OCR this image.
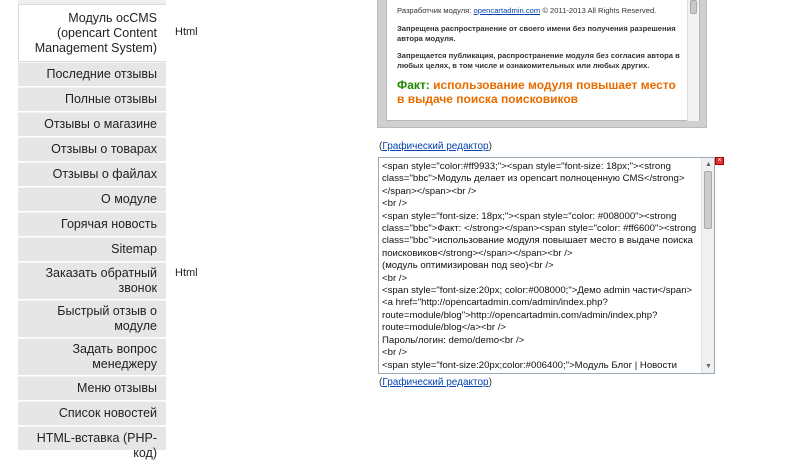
Модуль ocCMS
(opencart Content
Management System)
Последние отзывы
Полные отзывы
Отзывы о магазине
Отзывы о товарах
Отзывы о файлах
О модуле
Горячая новость
Sitemap
Заказать обратный
звонок
Быстрый отзыв о
модуле
Задать вопрос
менеджеру
Меню отзывы
Список новостей
HTML-вставка (PHP-код)
Html
Html
Разработчик модуля: opencartadmin.com © 2011-2013 All Rights Reserved.
Запрещена распространение от своего имени без получения разрешения автора модуля.
Запрещается публикация, распространение модуля без согласия автора в любых целях, в том числе и ознакомительных или любых других.
Факт: использование модуля повышает место в выдаче поиска поисковиков
(Графический редактор)
<span style="color:#ff9933;"><span style="font-size: 18px;"><strong class="bbc">Модуль делает из opencart полноценную CMS</strong></span></span><br />
<br />
<span style="font-size: 18px;"><span style="color: #008000"><strong class="bbc">Факт: </strong></span><span style="color: #ff6600"><strong class="bbc">использование модуля повышает место в выдаче поиска поисковиков</strong></span></span><br />
(модуль оптимизирован под seo)<br />
<br />
<span style="font-size:20px; color:#008000;">Демо admin части</span> <a href="http://opencartadmin.com/admin/index.php?route=module/blog">http://opencartadmin.com/admin/index.php?route=module/blog</a><br />
Пароль/логин: demo/demo<br />
<br />
<span style="font-size:20px;color:#006400;">Модуль Блог | Новости
▲
▼
×
(Графический редактор)
